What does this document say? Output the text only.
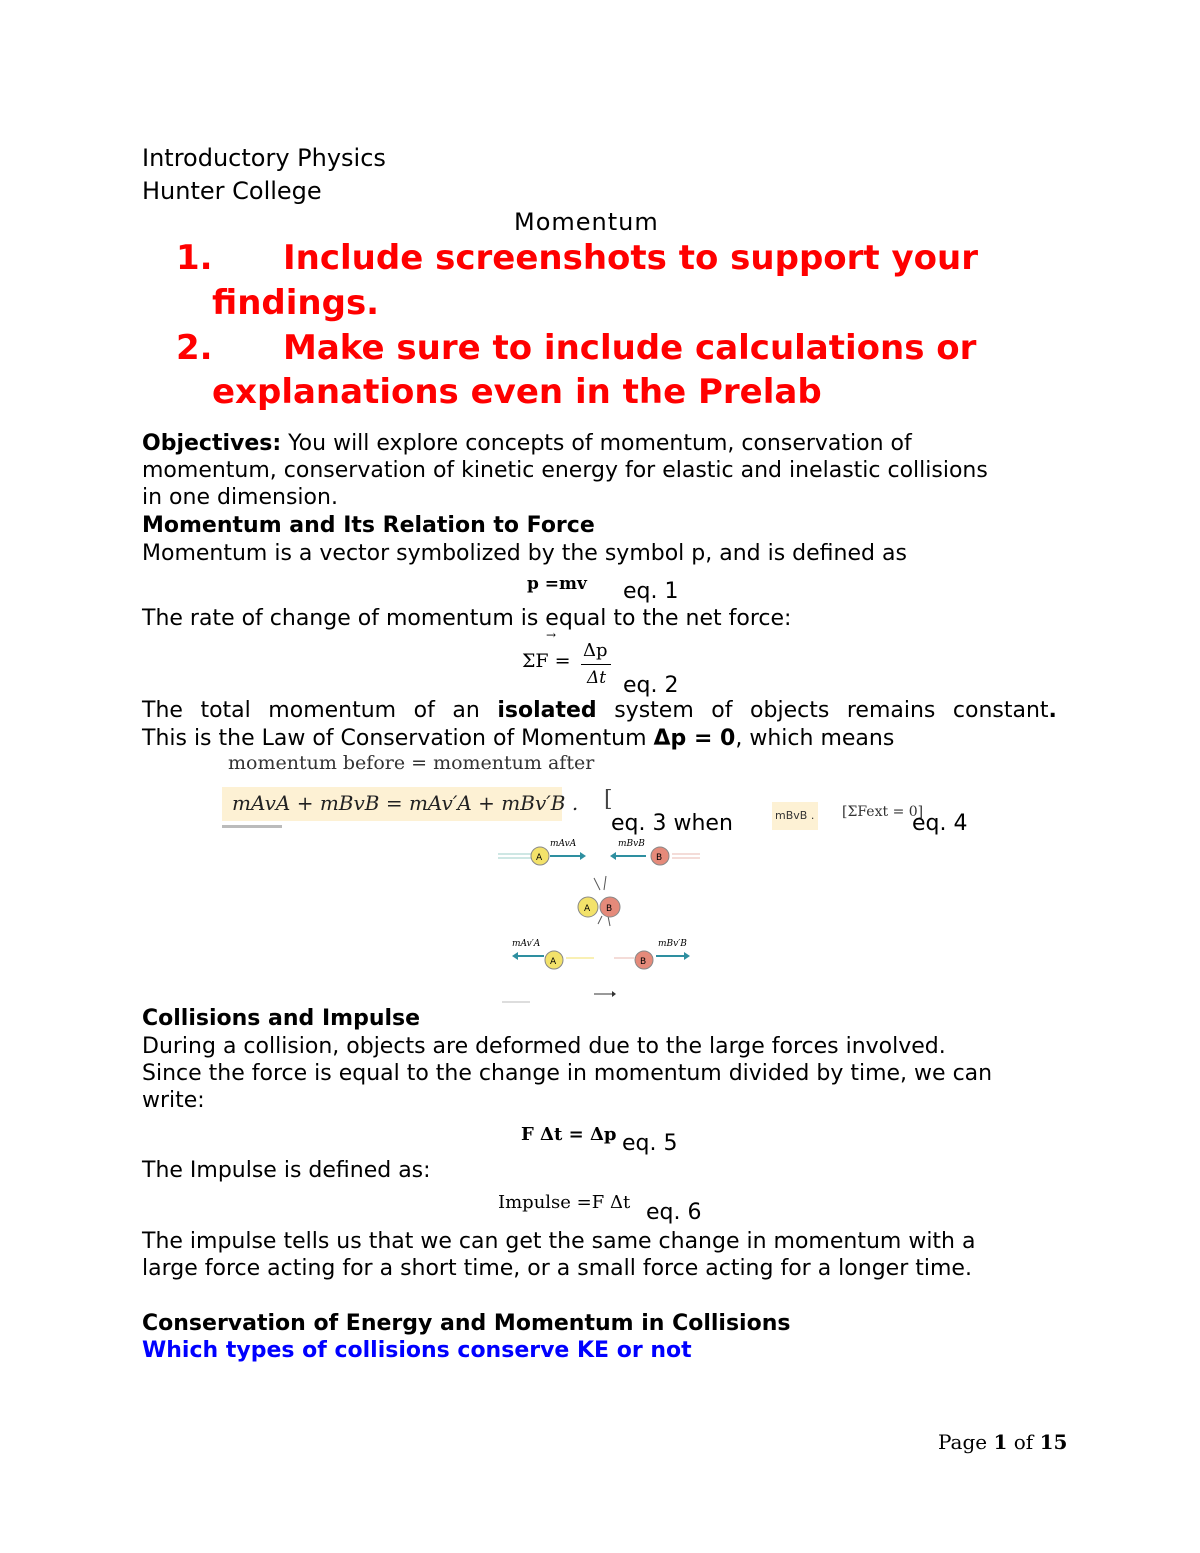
Introductory Physics
Hunter College
Momentum
1. Include screenshots to support your
findings.
2. Make sure to include calculations or
explanations even in the Prelab
Objectives: You will explore concepts of momentum, conservation of
momentum, conservation of kinetic energy for elastic and inelastic collisions
in one dimension.
Momentum and Its Relation to Force
Momentum is a vector symbolized by the symbol p, and is defined as
p =mv eq. 1
The rate of change of momentum is equal to the net force:
→
ΣF = Δp
Δt eq. 2
The total momentum of an isolated system of objects remains constant.
This is the Law of Conservation of Momentum Δp = 0, which means
momentum before = momentum after
mAvA + mBvB = mAv′A + mBv′B . [
eq. 3 when	mBvB . [ΣFext = 0]
eq. 4
A
mAvA
B
mBvB
A B
mAv′A
A	B
mBv′B
Collisions and Impulse
During a collision, objects are deformed due to the large forces involved.
Since the force is equal to the change in momentum divided by time, we can
write:
F Δt = Δp eq. 5
The Impulse is defined as:
Impulse =F Δt eq. 6
The impulse tells us that we can get the same change in momentum with a
large force acting for a short time, or a small force acting for a longer time.
Conservation of Energy and Momentum in Collisions
Which types of collisions conserve KE or not
Page 1 of 15
